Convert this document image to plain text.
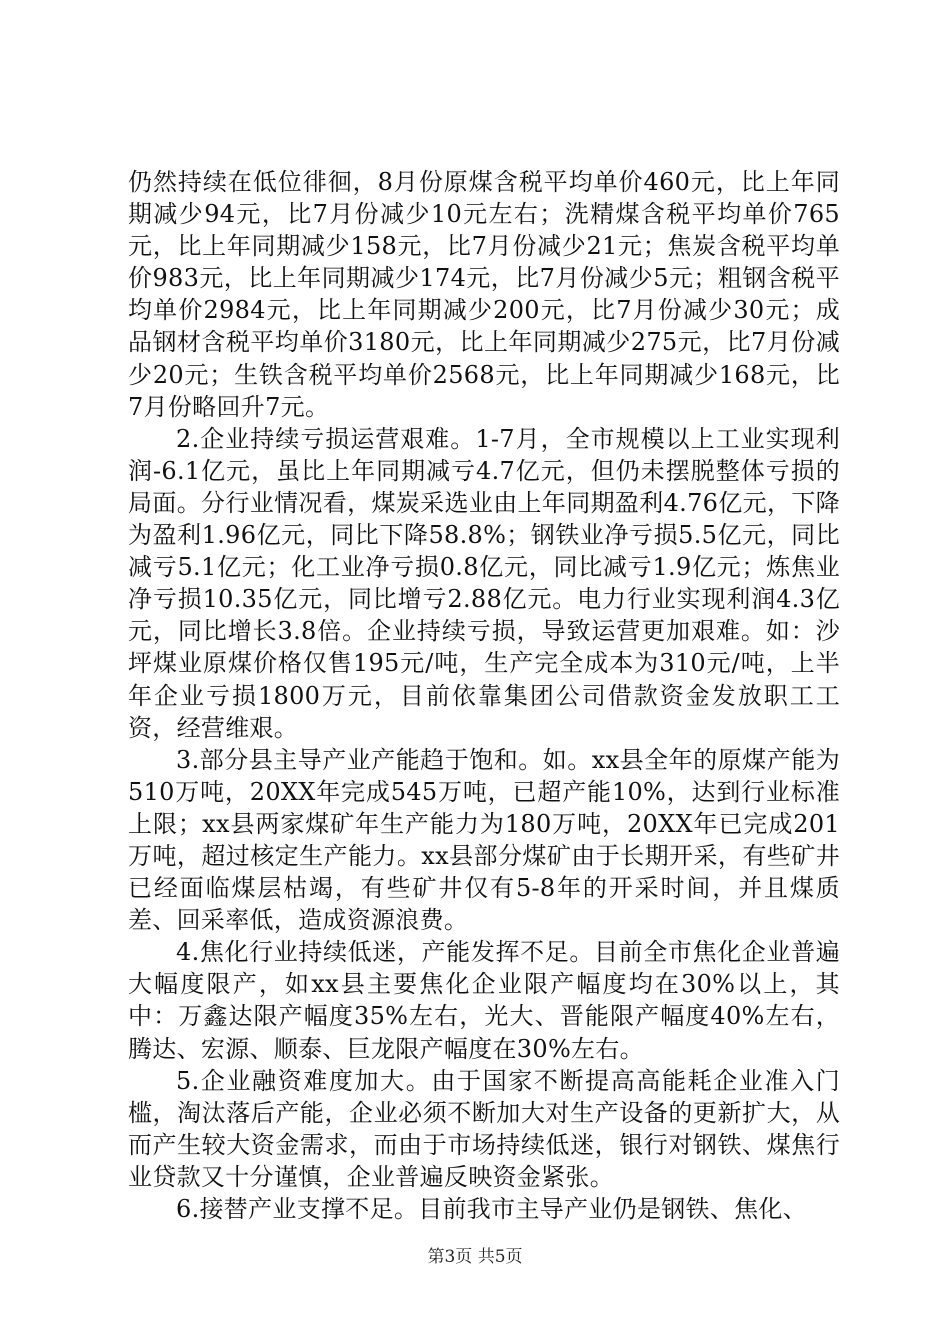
仍然持续在低位徘徊，8月份原煤含税平均单价460元，比上年同期减少94元，比7月份减少10元左右；洗精煤含税平均单价765元，比上年同期减少158元，比7月份减少21元；焦炭含税平均单价983元，比上年同期减少174元，比7月份减少5元；粗钢含税平均单价2984元，比上年同期减少200元，比7月份减少30元；成品钢材含税平均单价3180元，比上年同期减少275元，比7月份减少20元；生铁含税平均单价2568元，比上年同期减少168元，比7月份略回升7元。

2.企业持续亏损运营艰难。1-7月，全市规模以上工业实现利润-6.1亿元，虽比上年同期减亏4.7亿元，但仍未摆脱整体亏损的局面。分行业情况看，煤炭采选业由上年同期盈利4.76亿元，下降为盈利1.96亿元，同比下降58.8%；钢铁业净亏损5.5亿元，同比减亏5.1亿元；化工业净亏损0.8亿元，同比减亏1.9亿元；炼焦业净亏损10.35亿元，同比增亏2.88亿元。电力行业实现利润4.3亿元，同比增长3.8倍。企业持续亏损，导致运营更加艰难。如：沙坪煤业原煤价格仅售195元/吨，生产完全成本为310元/吨，上半年企业亏损1800万元，目前依靠集团公司借款资金发放职工工资，经营维艰。

3.部分县主导产业产能趋于饱和。如。xx县全年的原煤产能为510万吨，20XX年完成545万吨，已超产能10%，达到行业标准上限；xx县两家煤矿年生产能力为180万吨，20XX年已完成201万吨，超过核定生产能力。xx县部分煤矿由于长期开采，有些矿井已经面临煤层枯竭，有些矿井仅有5-8年的开采时间，并且煤质差、回采率低，造成资源浪费。

4.焦化行业持续低迷，产能发挥不足。目前全市焦化企业普遍大幅度限产，如xx县主要焦化企业限产幅度均在30%以上，其中：万鑫达限产幅度35%左右，光大、晋能限产幅度40%左右，腾达、宏源、顺泰、巨龙限产幅度在30%左右。

5.企业融资难度加大。由于国家不断提高高能耗企业准入门槛，淘汰落后产能，企业必须不断加大对生产设备的更新扩大，从而产生较大资金需求，而由于市场持续低迷，银行对钢铁、煤焦行业贷款又十分谨慎，企业普遍反映资金紧张。

6.接替产业支撑不足。目前我市主导产业仍是钢铁、焦化、

第3页 共5页
